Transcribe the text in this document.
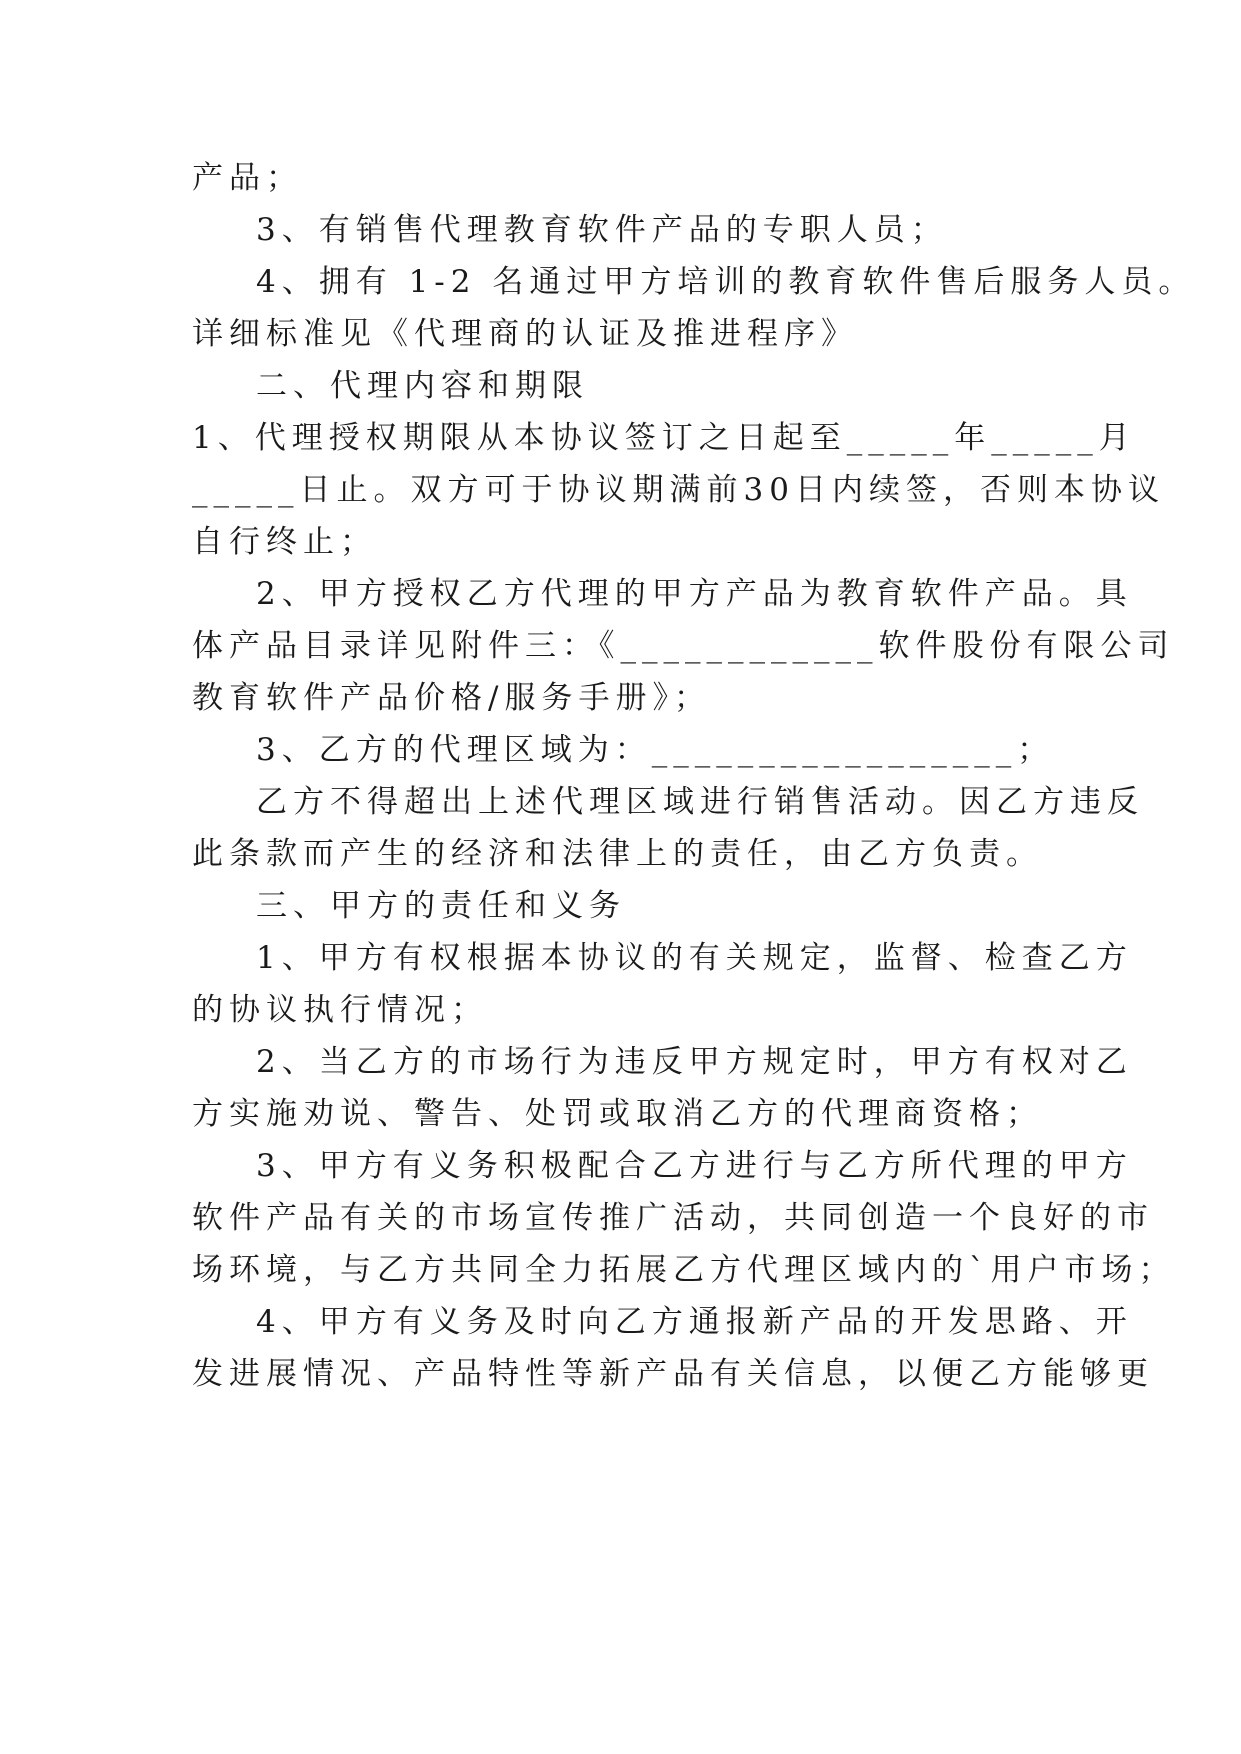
产品；
3、有销售代理教育软件产品的专职人员；
4、拥有 1-2 名通过甲方培训的教育软件售后服务人员。
详细标准见《代理商的认证及推进程序》
二、代理内容和期限
1、代理授权期限从本协议签订之日起至_____年_____月
_____日止。双方可于协议期满前30日内续签，否则本协议
自行终止；
2、甲方授权乙方代理的甲方产品为教育软件产品。具
体产品目录详见附件三：《____________软件股份有限公司
教育软件产品价格/服务手册》；
3、乙方的代理区域为：_________________；
乙方不得超出上述代理区域进行销售活动。因乙方违反
此条款而产生的经济和法律上的责任，由乙方负责。
三、甲方的责任和义务
1、甲方有权根据本协议的有关规定，监督、检查乙方
的协议执行情况；
2、当乙方的市场行为违反甲方规定时，甲方有权对乙
方实施劝说、警告、处罚或取消乙方的代理商资格；
3、甲方有义务积极配合乙方进行与乙方所代理的甲方
软件产品有关的市场宣传推广活动，共同创造一个良好的市
场环境，与乙方共同全力拓展乙方代理区域内的`用户市场；
4、甲方有义务及时向乙方通报新产品的开发思路、开
发进展情况、产品特性等新产品有关信息，以便乙方能够更
